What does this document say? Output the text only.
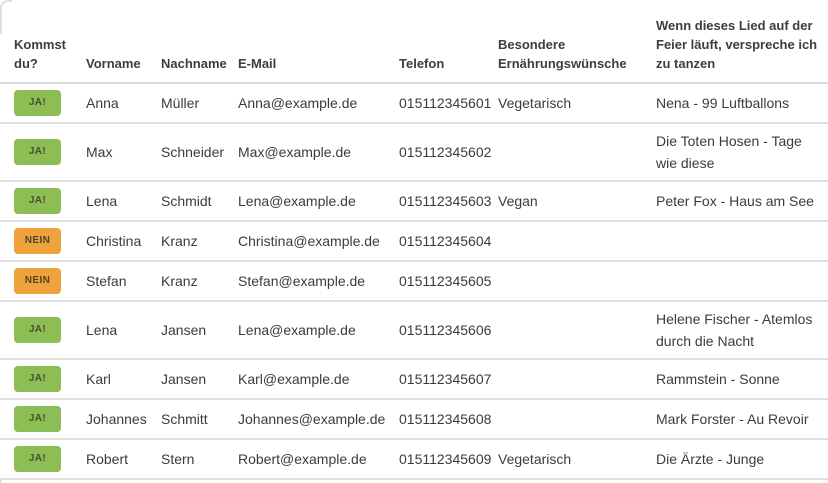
Kommst du?	Vorname	Nachname	E-Mail	Telefon	Besondere Ernährungswünsche	Wenn dieses Lied auf der Feier läuft, verspreche ich zu tanzen
JA!	Anna	Müller	Anna@example.de	015112345601	Vegetarisch	Nena - 99 Luftballons
JA!	Max	Schneider	Max@example.de	015112345602		Die Toten Hosen - Tage wie diese
JA!	Lena	Schmidt	Lena@example.de	015112345603	Vegan	Peter Fox - Haus am See
NEIN	Christina	Kranz	Christina@example.de	015112345604		
NEIN	Stefan	Kranz	Stefan@example.de	015112345605		
JA!	Lena	Jansen	Lena@example.de	015112345606		Helene Fischer - Atemlos durch die Nacht
JA!	Karl	Jansen	Karl@example.de	015112345607		Rammstein - Sonne
JA!	Johannes	Schmitt	Johannes@example.de	015112345608		Mark Forster - Au Revoir
JA!	Robert	Stern	Robert@example.de	015112345609	Vegetarisch	Die Ärzte - Junge
